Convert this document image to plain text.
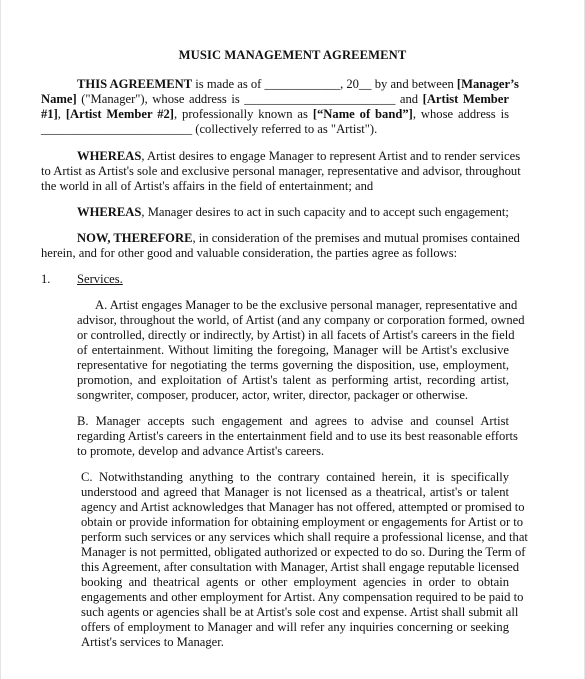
MUSIC MANAGEMENT AGREEMENT
THIS AGREEMENT is made as of ____________, 20__ by and between [Manager’s
Name] ("Manager"), whose address is ________________________ and [Artist Member
#1], [Artist Member #2], professionally known as [“Name of band”], whose address is
________________________ (collectively referred to as "Artist").
WHEREAS, Artist desires to engage Manager to represent Artist and to render services
to Artist as Artist's sole and exclusive personal manager, representative and advisor, throughout
the world in all of Artist's affairs in the field of entertainment; and
WHEREAS, Manager desires to act in such capacity and to accept such engagement;
NOW, THEREFORE, in consideration of the premises and mutual promises contained
herein, and for other good and valuable consideration, the parties agree as follows:
1. Services.
A. Artist engages Manager to be the exclusive personal manager, representative and
advisor, throughout the world, of Artist (and any company or corporation formed, owned
or controlled, directly or indirectly, by Artist) in all facets of Artist's careers in the field
of entertainment. Without limiting the foregoing, Manager will be Artist's exclusive
representative for negotiating the terms governing the disposition, use, employment,
promotion, and exploitation of Artist's talent as performing artist, recording artist,
songwriter, composer, producer, actor, writer, director, packager or otherwise.
B. Manager accepts such engagement and agrees to advise and counsel Artist
regarding Artist's careers in the entertainment field and to use its best reasonable efforts
to promote, develop and advance Artist's careers.
C. Notwithstanding anything to the contrary contained herein, it is specifically
understood and agreed that Manager is not licensed as a theatrical, artist's or talent
agency and Artist acknowledges that Manager has not offered, attempted or promised to
obtain or provide information for obtaining employment or engagements for Artist or to
perform such services or any services which shall require a professional license, and that
Manager is not permitted, obligated authorized or expected to do so. During the Term of
this Agreement, after consultation with Manager, Artist shall engage reputable licensed
booking and theatrical agents or other employment agencies in order to obtain
engagements and other employment for Artist. Any compensation required to be paid to
such agents or agencies shall be at Artist's sole cost and expense. Artist shall submit all
offers of employment to Manager and will refer any inquiries concerning or seeking
Artist's services to Manager.
